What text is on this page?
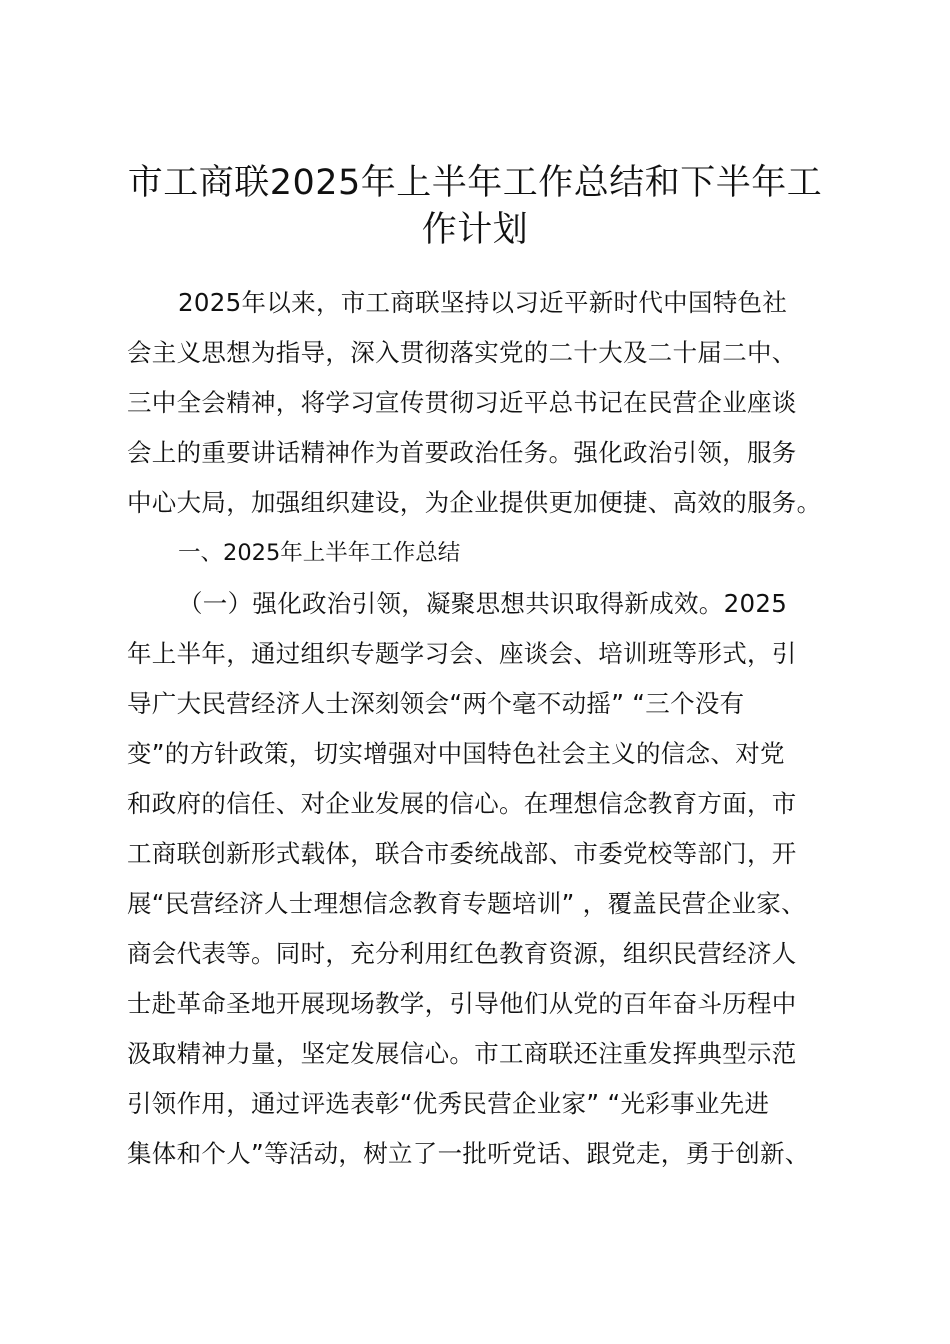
市工商联2025年上半年工作总结和下半年工
作计划
2025年以来，市工商联坚持以习近平新时代中国特色社
会主义思想为指导，深入贯彻落实党的二十大及二十届二中、
三中全会精神，将学习宣传贯彻习近平总书记在民营企业座谈
会上的重要讲话精神作为首要政治任务。强化政治引领，服务
中心大局，加强组织建设，为企业提供更加便捷、高效的服务。
一、2025年上半年工作总结
（一）强化政治引领，凝聚思想共识取得新成效。2025
年上半年，通过组织专题学习会、座谈会、培训班等形式，引
导广大民营经济人士深刻领会“两个毫不动摇” “三个没有
变”的方针政策，切实增强对中国特色社会主义的信念、对党
和政府的信任、对企业发展的信心。在理想信念教育方面，市
工商联创新形式载体，联合市委统战部、市委党校等部门，开
展“民营经济人士理想信念教育专题培训” ，覆盖民营企业家、
商会代表等。同时，充分利用红色教育资源，组织民营经济人
士赴革命圣地开展现场教学，引导他们从党的百年奋斗历程中
汲取精神力量，坚定发展信心。市工商联还注重发挥典型示范
引领作用，通过评选表彰“优秀民营企业家” “光彩事业先进
集体和个人”等活动，树立了一批听党话、跟党走，勇于创新、
